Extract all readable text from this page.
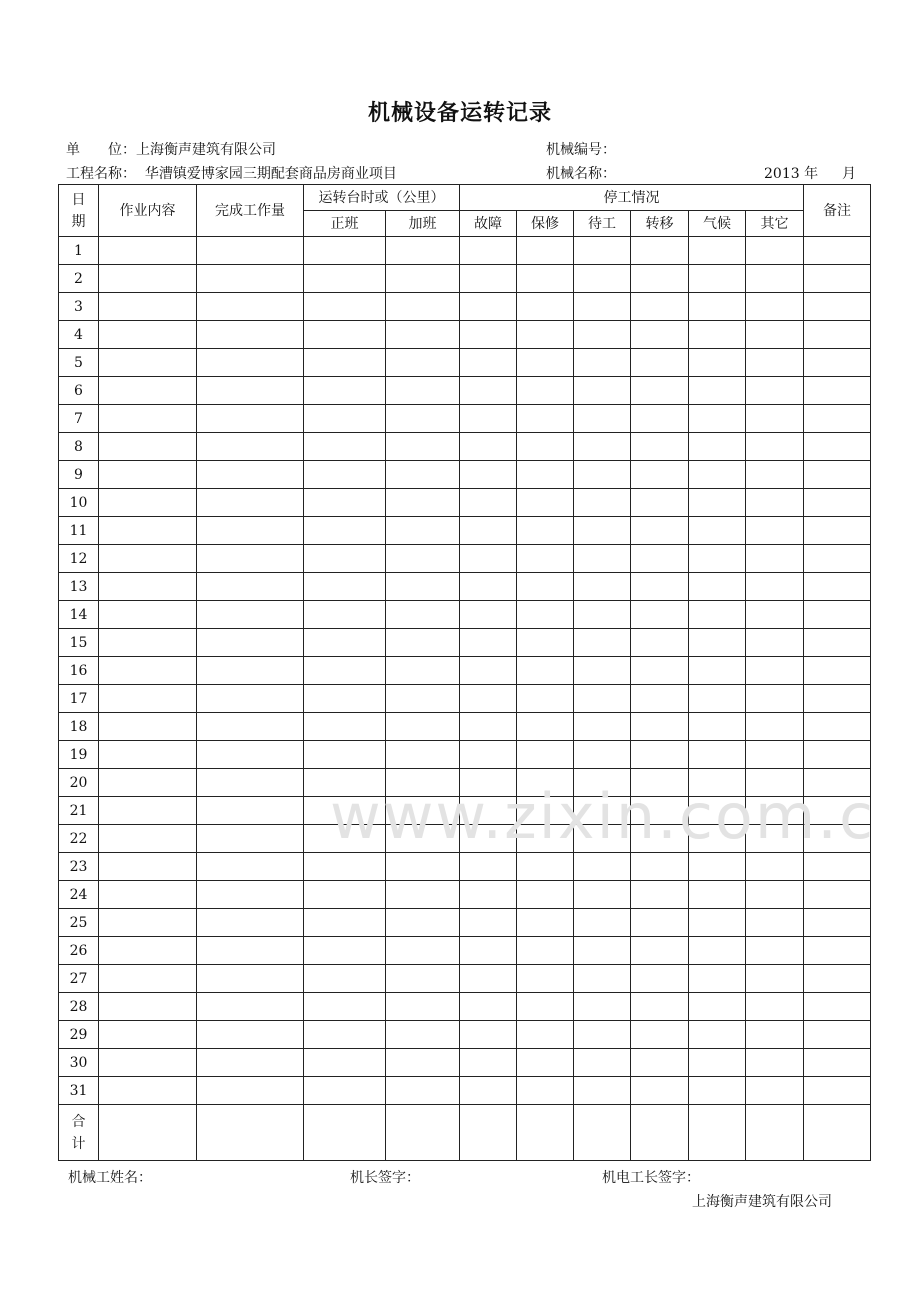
机械设备运转记录
单　　位：上海衡声建筑有限公司	机械编号：
工程名称： 华漕镇爱博家园三期配套商品房商业项目	机械名称：	2013 年 月
日
期	作业内容	完成工作量	运转台时或（公里）		停工情况						备注
			正班	加班	故障	保修	待工	转移	气候	其它	
1											
2											
3											
4											
5											
6											
7											
8											
9											
10											
11											
12											
13											
14											
15											
16											
17											
18											
19											
20											
21											
22											
23											
24											
25											
26											
27											
28											
29											
30											
31											
合
计											
机械工姓名：	机长签字：	机电工长签字：
上海衡声建筑有限公司
www.zixin.com.c
